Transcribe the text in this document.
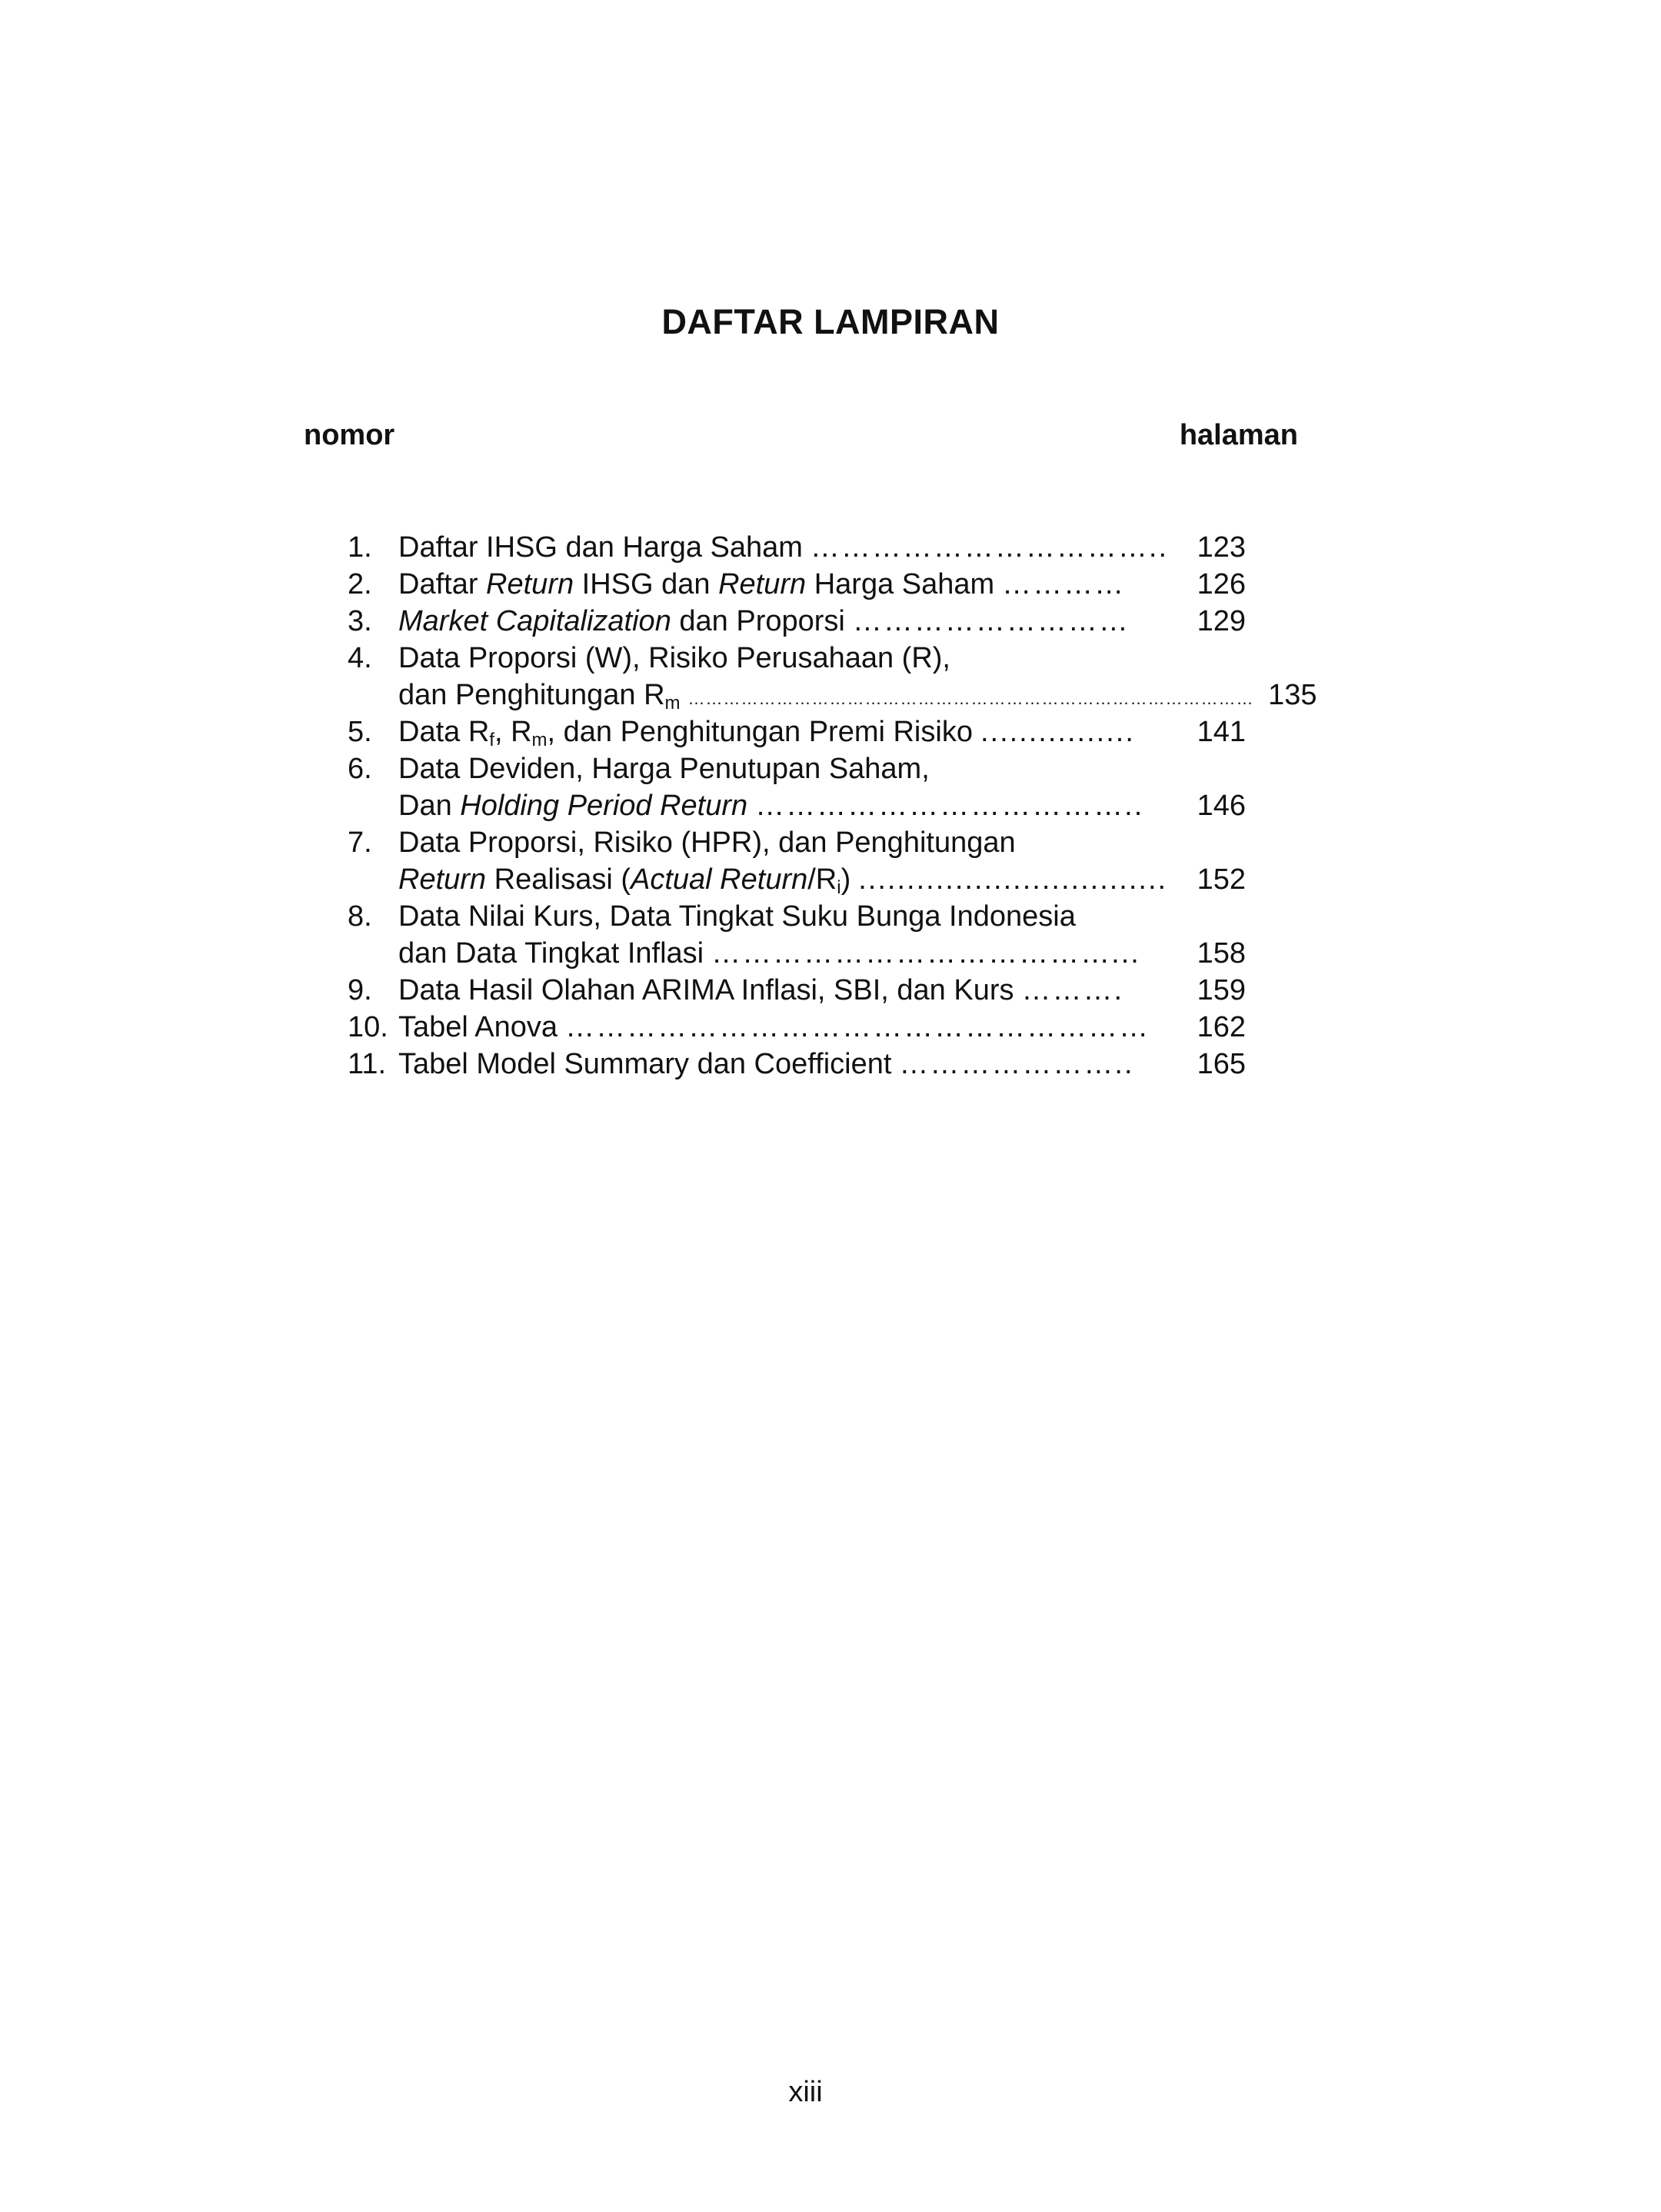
DAFTAR LAMPIRAN
nomor	halaman
1. Daftar IHSG dan Harga Saham …………………………….. 123
2. Daftar Return IHSG dan Return Harga Saham …………	126
3. Market Capitalization dan Proporsi ………………………	129
4. Data Proporsi (W), Risiko Perusahaan (R),
dan Penghitungan $R_m$ …………………………………………………………………………………… 135
5. Data $R_f$, $R_m$, dan Penghitungan Premi Risiko ................	141
6. Data Deviden, Harga Penutupan Saham,
Dan Holding Period Return ………………………………..	146
7. Data Proporsi, Risiko (HPR), dan Penghitungan
Return Realisasi (Actual Return/$R_i$) ................................	152
8. Data Nilai Kurs, Data Tingkat Suku Bunga Indonesia
dan Data Tingkat Inflasi …………………………………...	158
9. Data Hasil Olahan ARIMA Inflasi, SBI, dan Kurs ……….	159
10. Tabel Anova …………………………………………………	162
11. Tabel Model Summary dan Coefficient …………………..	165
xiii
